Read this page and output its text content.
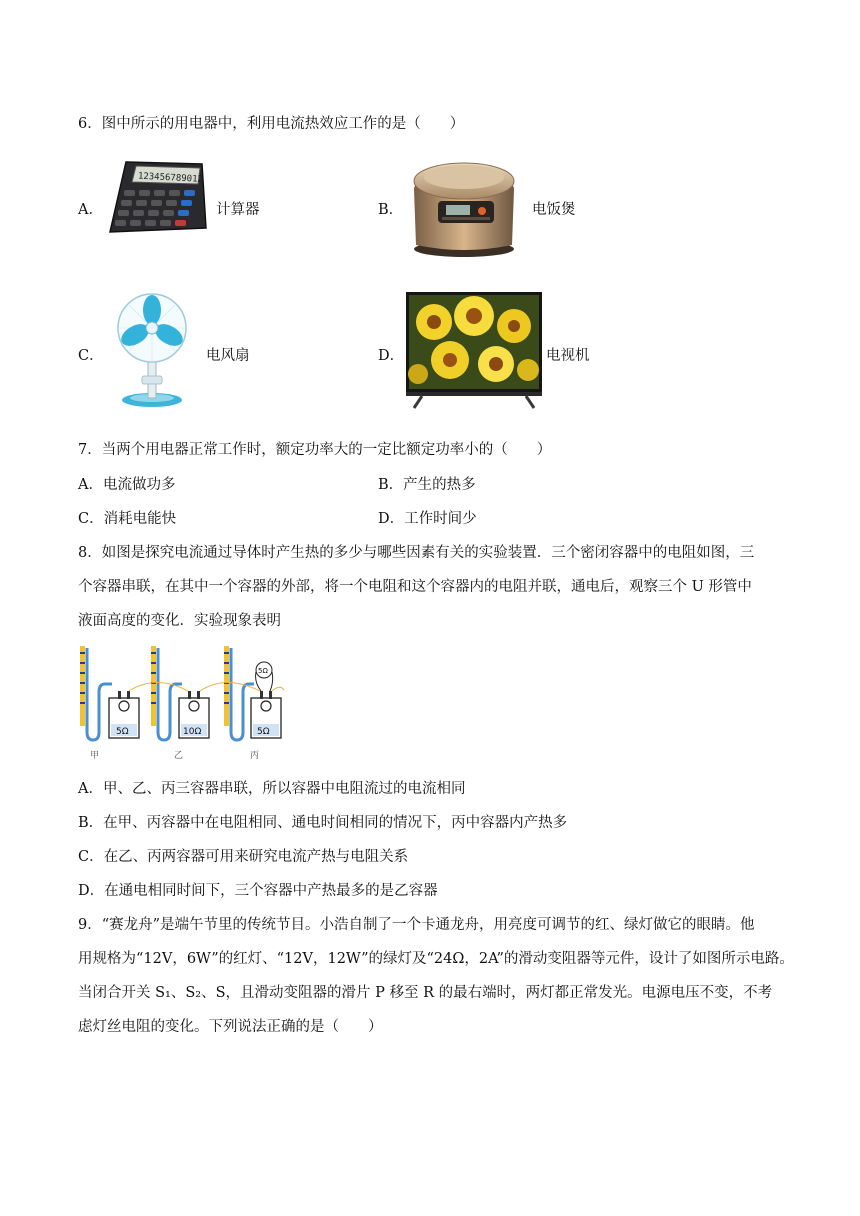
6．图中所示的用电器中，利用电流热效应工作的是（　　）
A．
123456789012
计算器	B．	电饭煲
C．	电风扇	D．	电视机
7．当两个用电器正常工作时，额定功率大的一定比额定功率小的（　　）
A．电流做功多	B．产生的热多
C．消耗电能快	D．工作时间少
8．如图是探究电流通过导体时产生热的多少与哪些因素有关的实验装置．三个密闭容器中的电阻如图，三
个容器串联，在其中一个容器的外部，将一个电阻和这个容器内的电阻并联，通电后，观察三个 U 形管中
液面高度的变化．实验现象表明
5Ω
甲
10Ω
乙
5Ω
5Ω
丙
A．甲、乙、丙三容器串联，所以容器中电阻流过的电流相同
B．在甲、丙容器中在电阻相同、通电时间相同的情况下，丙中容器内产热多
C．在乙、丙两容器可用来研究电流产热与电阻关系
D．在通电相同时间下，三个容器中产热最多的是乙容器
9．“赛龙舟”是端午节里的传统节目。小浩自制了一个卡通龙舟，用亮度可调节的红、绿灯做它的眼睛。他
用规格为“12V，6W”的红灯、“12V，12W”的绿灯及“24Ω，2A”的滑动变阻器等元件，设计了如图所示电路。
当闭合开关 S₁、S₂、S，且滑动变阻器的滑片 P 移至 R 的最右端时，两灯都正常发光。电源电压不变，不考
虑灯丝电阻的变化。下列说法正确的是（　　）
